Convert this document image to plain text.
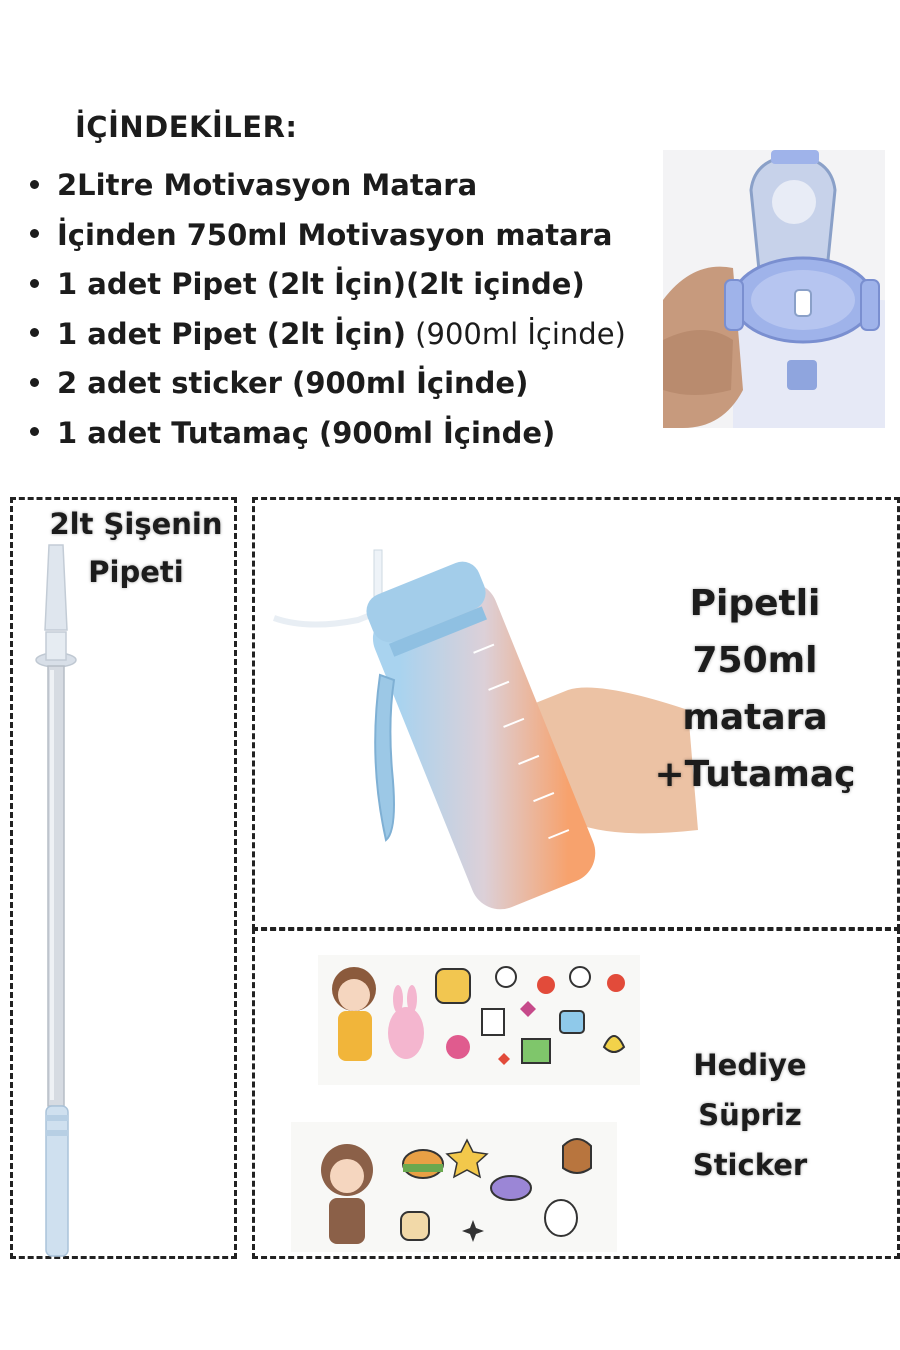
İÇİNDEKİLER:
2Litre Motivasyon Matara
İçinden 750ml Motivasyon matara
1 adet Pipet (2lt İçin)(2lt içinde)
1 adet Pipet (2lt İçin) (900ml İçinde)
2 adet sticker (900ml İçinde)
1 adet Tutamaç (900ml İçinde)
2lt Şişenin
Pipeti
Pipetli
750ml
matara
+Tutamaç
Hediye
Süpriz
Sticker
